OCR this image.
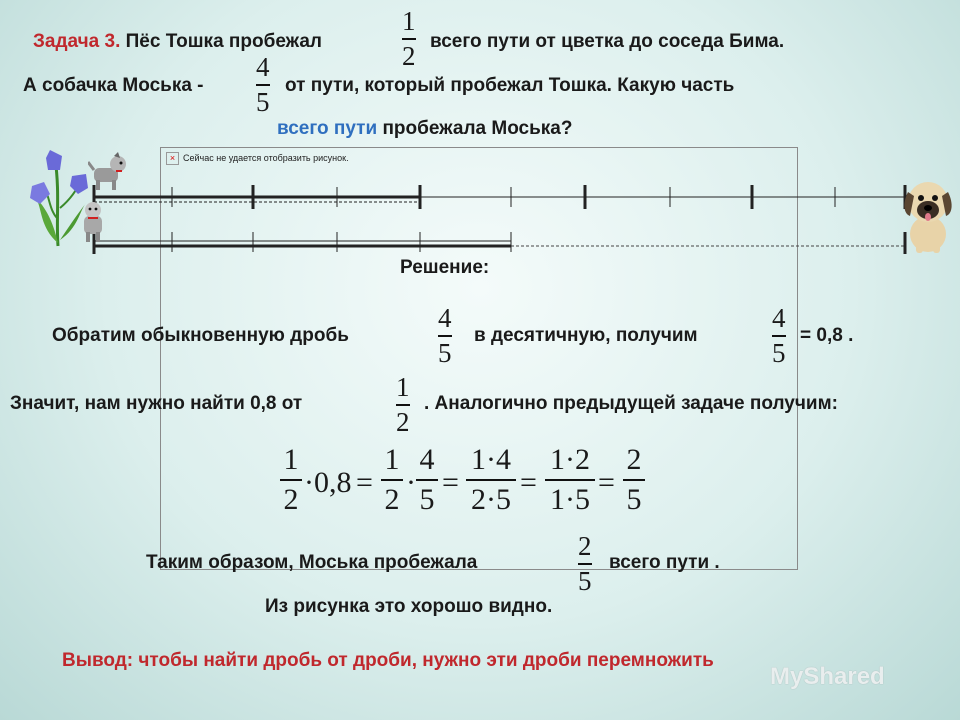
Задача 3. Пёс Тошка пробежал
1
2 всего пути от цветка до соседа Бима.
А собачка Моська -
4
5
от пути, который пробежал Тошка. Какую часть
всего пути пробежала Моська?
× Сейчас не удается отобразить рисунок.
Решение:
Обратим обыкновенную дробь
4
5
в десятичную, получим
4
5
= 0,8 .
Значит, нам нужно найти 0,8 от
1
2
. Аналогично предыдущей задаче получим:
1
2 ·0,8 =
1
2 ·
4
5 =
1·4
2·5 =
1·2
1·5 =
2
5
Таким образом, Моська пробежала
2
5
всего пути .
Из рисунка это хорошо видно.
Вывод: чтобы найти дробь от дроби, нужно эти дроби перемножить
MyShared
